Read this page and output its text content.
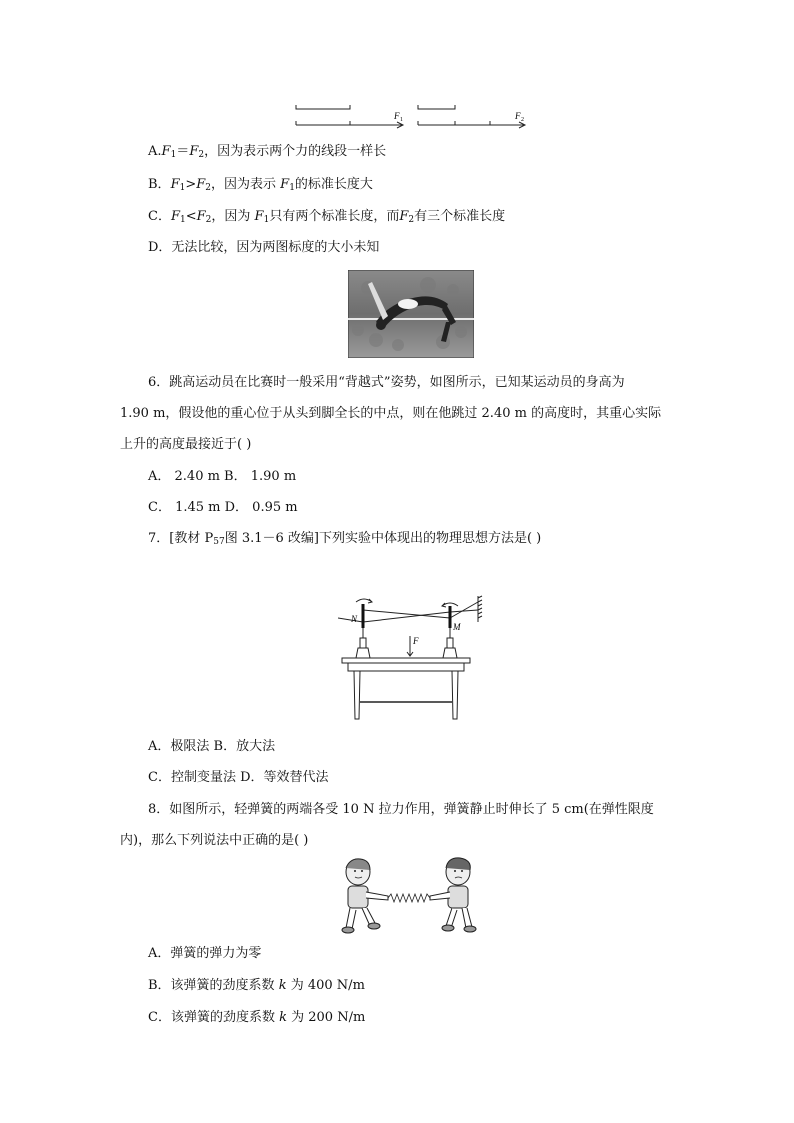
F 1	F 2
$A.F_1=F_2$，因为表示两个力的线段一样长
B．$F_1>F_2$，因为表示 $F_1$的标准长度大
C．$F_1<F_2$，因为 $F_1$只有两个标准长度，而$F_2$有三个标准长度
D．无法比较，因为两图标度的大小未知
6．跳高运动员在比赛时一般采用“背越式”姿势，如图所示，已知某运动员的身高为
1.90 m，假设他的重心位于从头到脚全长的中点，则在他跳过 2.40 m 的高度时，其重心实际
上升的高度最接近于( )
A． 2.40 m B． 1.90 m
C． 1.45 m D． 0.95 m
7．[教材 $P_{57}$图 3.1－6 改编]下列实验中体现出的物理思想方法是( )
N
M
F
A．极限法 B．放大法
C．控制变量法 D．等效替代法
8．如图所示，轻弹簧的两端各受 10 N 拉力作用，弹簧静止时伸长了 5 cm(在弹性限度
内)，那么下列说法中正确的是( )
A．弹簧的弹力为零
B．该弹簧的劲度系数 k 为 400 N/m
C．该弹簧的劲度系数 k 为 200 N/m
